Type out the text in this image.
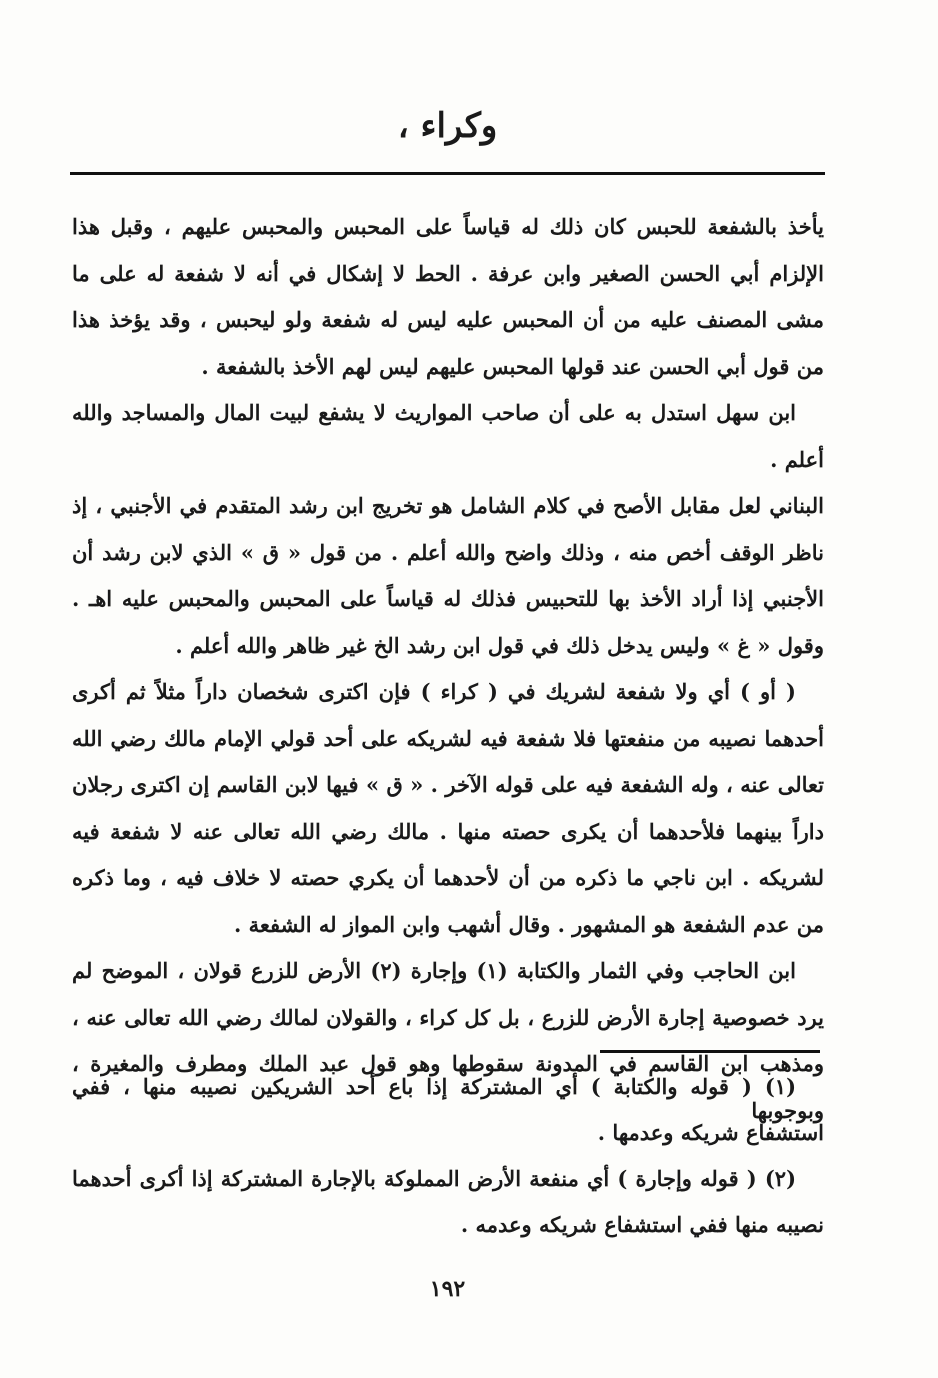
وكراء ،

يأخذ بالشفعة للحبس كان ذلك له قياساً على المحبس والمحبس عليهم ، وقبل هذا الإلزام أبي الحسن الصغير وابن عرفة . الحط لا إشكال في أنه لا شفعة له على ما مشى المصنف عليه من أن المحبس عليه ليس له شفعة ولو ليحبس ، وقد يؤخذ هذا من قول أبي الحسن عند قولها المحبس عليهم ليس لهم الأخذ بالشفعة .

ابن سهل استدل به على أن صاحب المواريث لا يشفع لبيت المال والمساجد والله أعلم .

البناني لعل مقابل الأصح في كلام الشامل هو تخريج ابن رشد المتقدم في الأجنبي ، إذ ناظر الوقف أخص منه ، وذلك واضح والله أعلم . من قول « ق » الذي لابن رشد أن الأجنبي إذا أراد الأخذ بها للتحبيس فذلك له قياساً على المحبس والمحبس عليه اهـ . وقول « غ » وليس يدخل ذلك في قول ابن رشد الخ غير ظاهر والله أعلم .

( أو ) أي ولا شفعة لشريك في ( كراء ) فإن اكترى شخصان داراً مثلاً ثم أكرى أحدهما نصيبه من منفعتها فلا شفعة فيه لشريكه على أحد قولي الإمام مالك رضي الله تعالى عنه ، وله الشفعة فيه على قوله الآخر . « ق » فيها لابن القاسم إن اكترى رجلان داراً بينهما فلأحدهما أن يكرى حصته منها . مالك رضي الله تعالى عنه لا شفعة فيه لشريكه . ابن ناجي ما ذكره من أن لأحدهما أن يكري حصته لا خلاف فيه ، وما ذكره من عدم الشفعة هو المشهور . وقال أشهب وابن المواز له الشفعة .

ابن الحاجب وفي الثمار والكتابة (١) وإجارة (٢) الأرض للزرع قولان ، الموضح لم يرد خصوصية إجارة الأرض للزرع ، بل كل كراء ، والقولان لمالك رضي الله تعالى عنه ، ومذهب ابن القاسم في المدونة سقوطها وهو قول عبد الملك ومطرف والمغيرة ، وبوجوبها

(١) ( قوله والكتابة ) أي المشتركة إذا باع أحد الشريكين نصيبه منها ، ففي استشفاع شريكه وعدمها .

(٢) ( قوله وإجارة ) أي منفعة الأرض المملوكة بالإجارة المشتركة إذا أكرى أحدهما نصيبه منها ففي استشفاع شريكه وعدمه .

١٩٢
